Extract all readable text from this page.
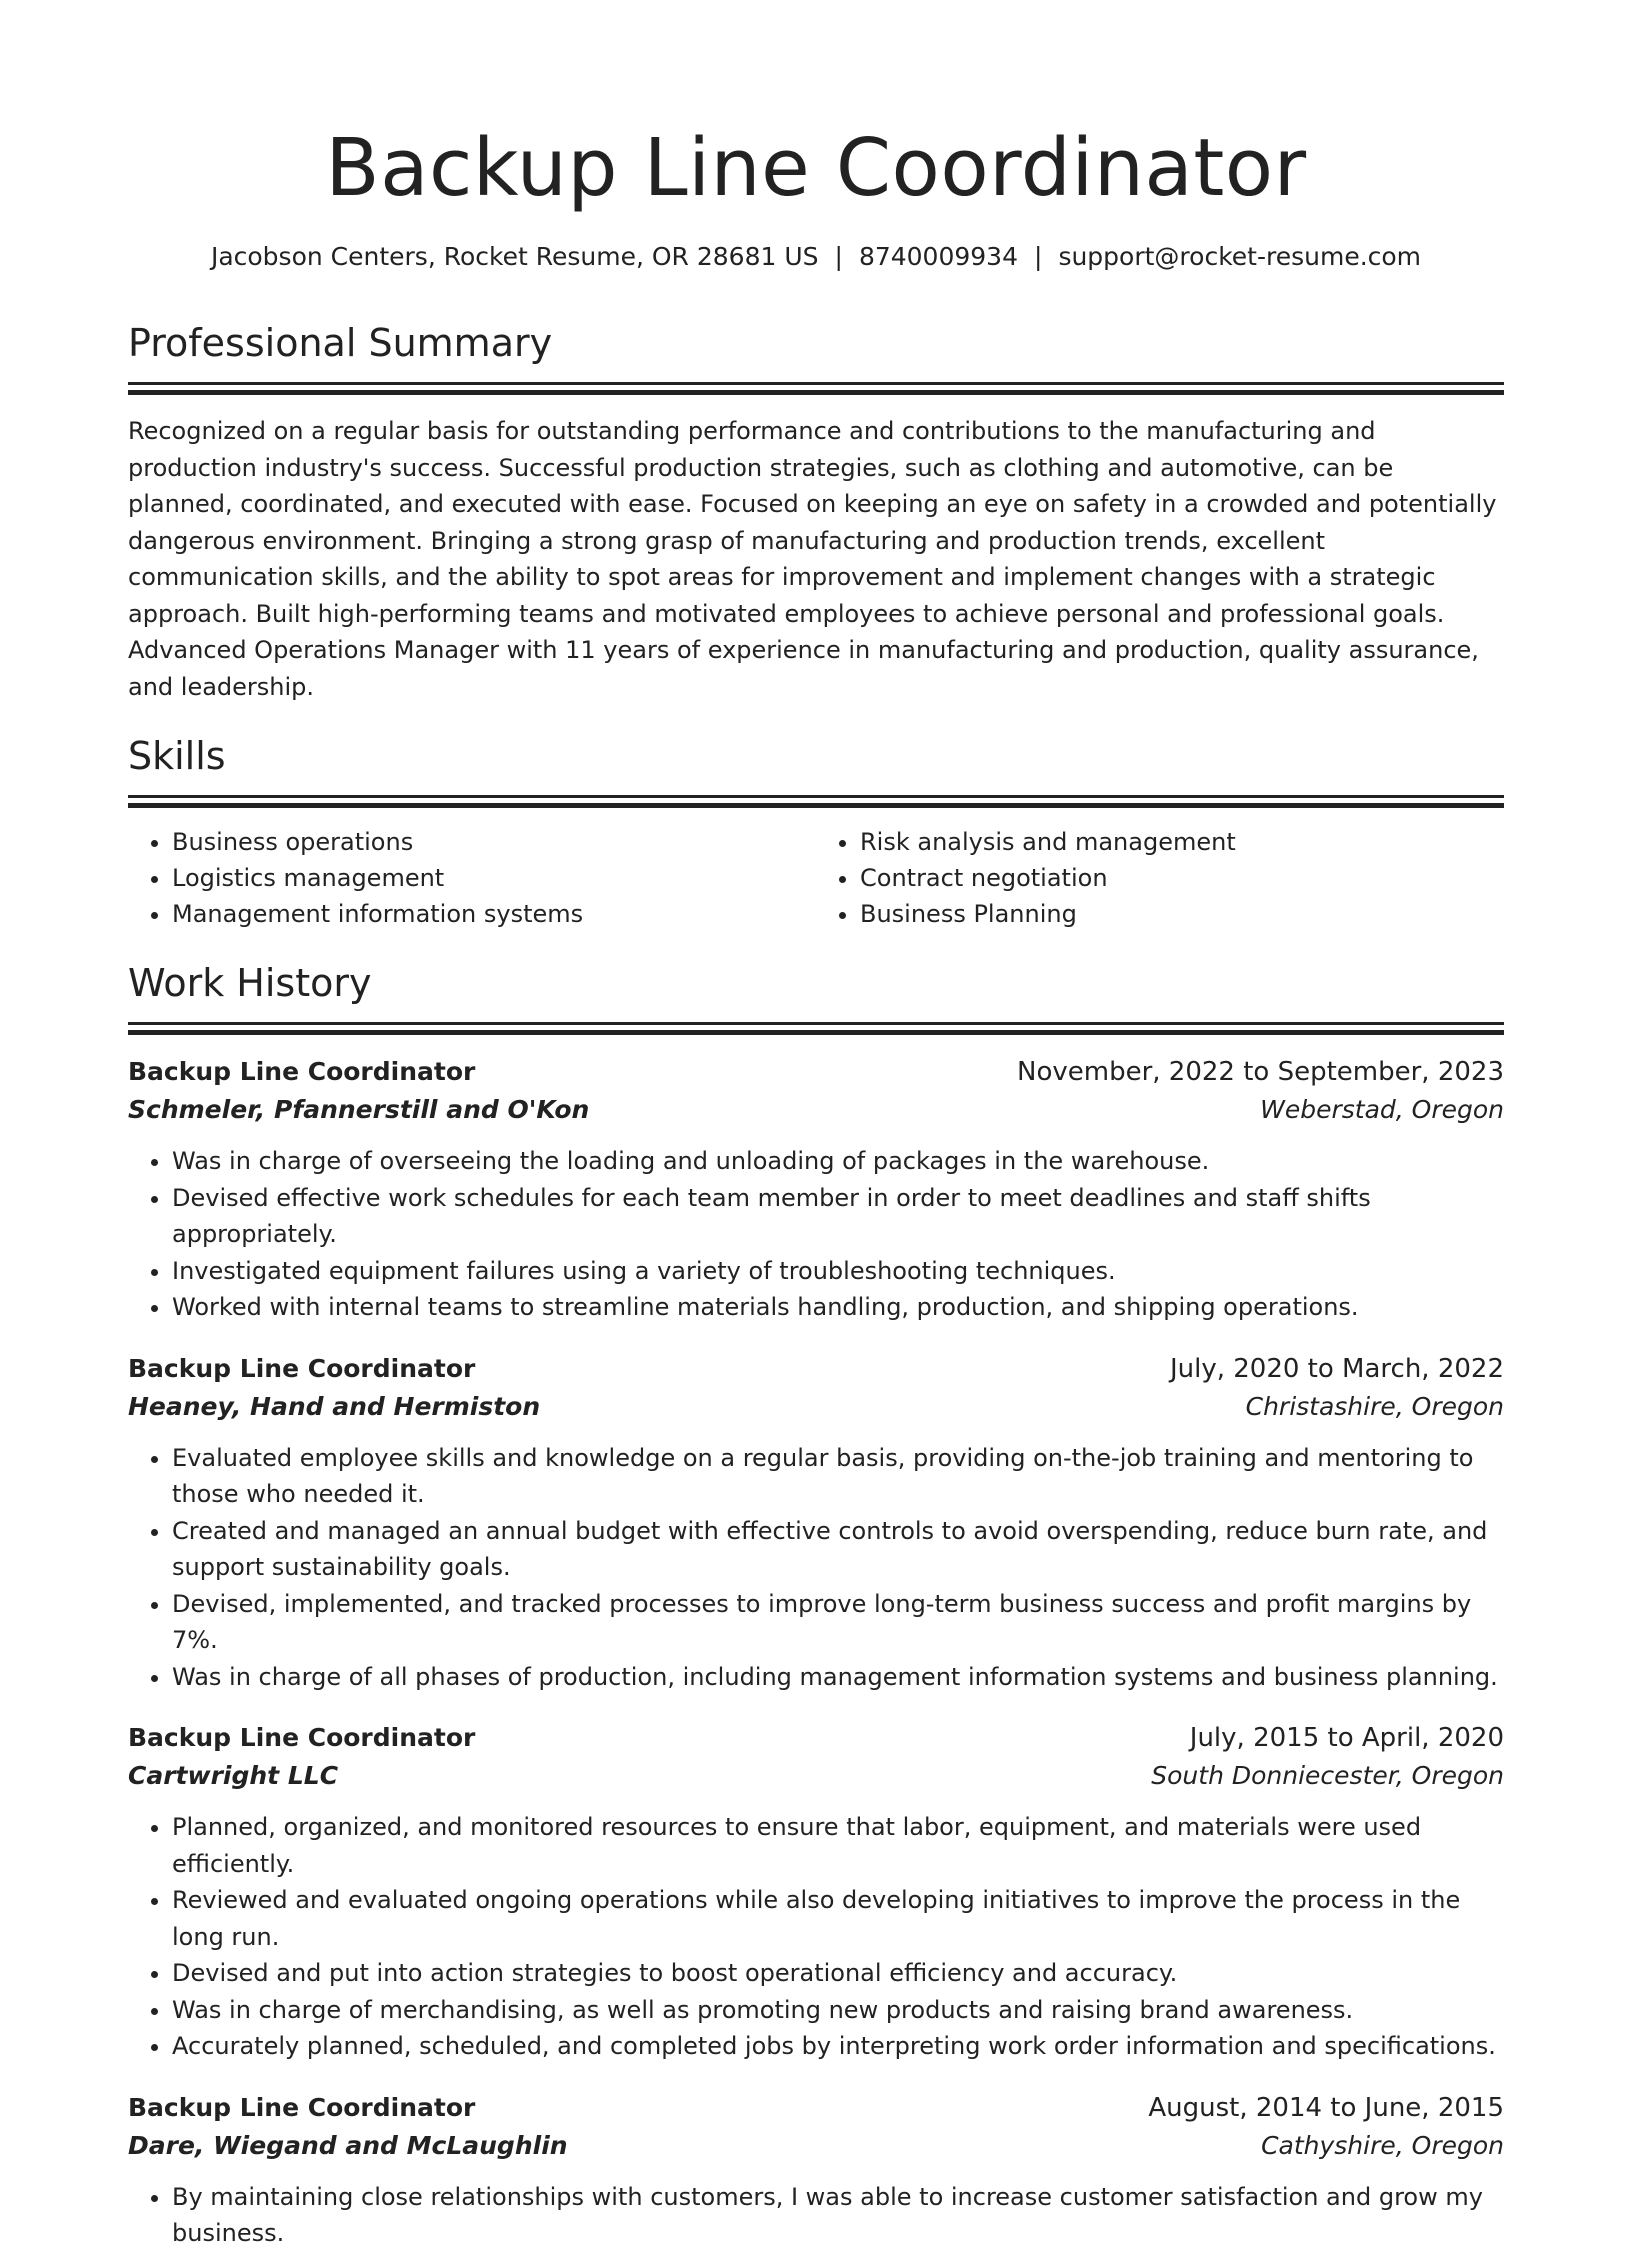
Backup Line Coordinator
Jacobson Centers, Rocket Resume, OR 28681 US | 8740009934 | support@rocket-resume.com
Professional Summary

Recognized on a regular basis for outstanding performance and contributions to the manufacturing and production industry's success. Successful production strategies, such as clothing and automotive, can be planned, coordinated, and executed with ease. Focused on keeping an eye on safety in a crowded and potentially dangerous environment. Bringing a strong grasp of manufacturing and production trends, excellent communication skills, and the ability to spot areas for improvement and implement changes with a strategic approach. Built high-performing teams and motivated employees to achieve personal and professional goals. Advanced Operations Manager with 11 years of experience in manufacturing and production, quality assurance, and leadership.

Skills
• Business operations
• Logistics management
• Management information systems
• Risk analysis and management
• Contract negotiation
• Business Planning
Work History
Backup Line Coordinator	November, 2022 to September, 2023
Schmeler, Pfannerstill and O'Kon	Weberstad, Oregon
• Was in charge of overseeing the loading and unloading of packages in the warehouse.
• Devised effective work schedules for each team member in order to meet deadlines and staff shifts appropriately.
• Investigated equipment failures using a variety of troubleshooting techniques.
• Worked with internal teams to streamline materials handling, production, and shipping operations.
Backup Line Coordinator	July, 2020 to March, 2022
Heaney, Hand and Hermiston	Christashire, Oregon
• Evaluated employee skills and knowledge on a regular basis, providing on-the-job training and mentoring to those who needed it.
• Created and managed an annual budget with effective controls to avoid overspending, reduce burn rate, and support sustainability goals.
• Devised, implemented, and tracked processes to improve long-term business success and profit margins by 7%.
• Was in charge of all phases of production, including management information systems and business planning.
Backup Line Coordinator	July, 2015 to April, 2020
Cartwright LLC	South Donniecester, Oregon
• Planned, organized, and monitored resources to ensure that labor, equipment, and materials were used efficiently.
• Reviewed and evaluated ongoing operations while also developing initiatives to improve the process in the long run.
• Devised and put into action strategies to boost operational efficiency and accuracy.
• Was in charge of merchandising, as well as promoting new products and raising brand awareness.
• Accurately planned, scheduled, and completed jobs by interpreting work order information and specifications.
Backup Line Coordinator	August, 2014 to June, 2015
Dare, Wiegand and McLaughlin	Cathyshire, Oregon
• By maintaining close relationships with customers, I was able to increase customer satisfaction and grow my business.
